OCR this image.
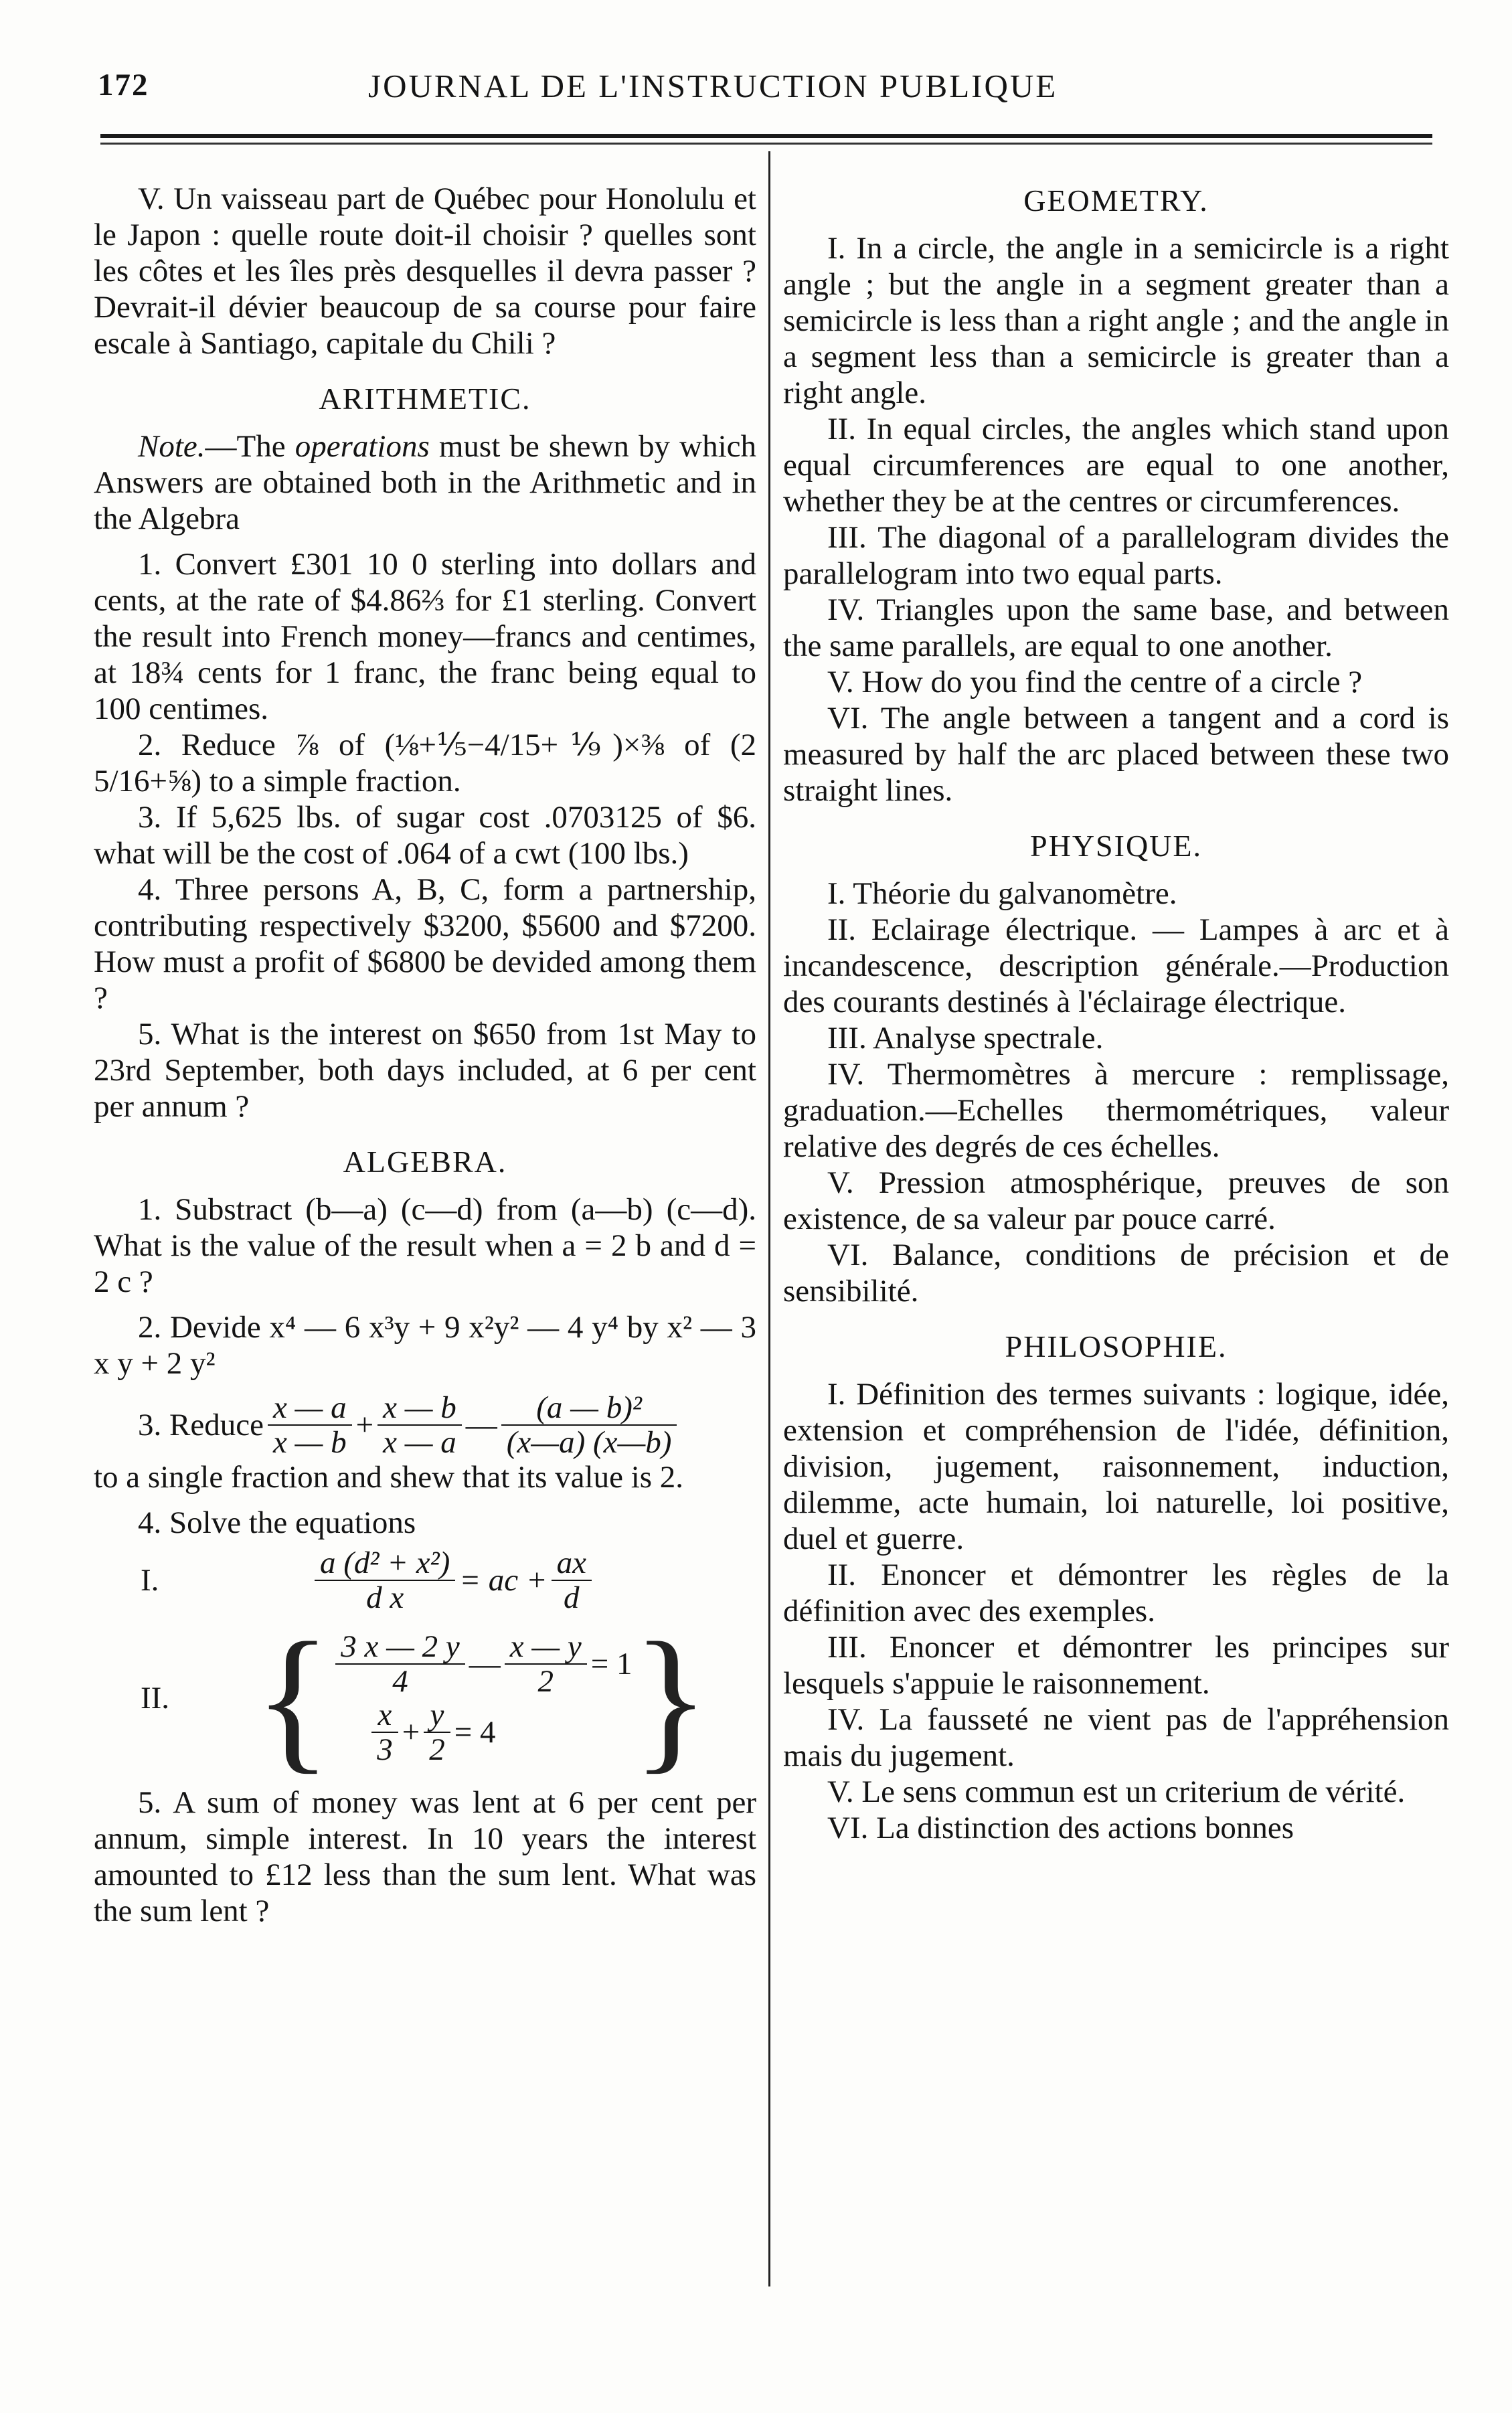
172	JOURNAL DE L'INSTRUCTION PUBLIQUE

V. Un vaisseau part de Québec pour Honolulu et le Japon : quelle route doit-il choisir ? quelles sont les côtes et les îles près desquelles il devra passer ? Devrait-il dévier beaucoup de sa course pour faire escale à Santiago, capitale du Chili ?

ARITHMETIC.

Note.—The operations must be shewn by which Answers are obtained both in the Arithmetic and in the Algebra

1. Convert £301 10 0 sterling into dollars and cents, at the rate of $4.86⅔ for £1 sterling. Convert the result into French money—francs and centimes, at 18¾ cents for 1 franc, the franc being equal to 100 centimes.

2. Reduce ⅞ of (⅛+⅕−4/15+⅑)×⅜ of (2 5/16+⅝) to a simple fraction.

3. If 5,625 lbs. of sugar cost .0703125 of $6. what will be the cost of .064 of a cwt (100 lbs.)

4. Three persons A, B, C, form a partnership, contributing respectively $3200, $5600 and $7200. How must a profit of $6800 be devided among them ?

5. What is the interest on $650 from 1st May to 23rd September, both days included, at 6 per cent per annum ?

ALGEBRA.

1. Substract (b—a) (c—d) from (a—b) (c—d). What is the value of the result when a = 2 b and d = 2 c ?

2. Devide x⁴ — 6 x³y + 9 x²y² — 4 y⁴ by x² — 3 x y + 2 y²

3. Reduce $\frac{x — a}{x — b} + \frac{x — b}{x — a}$ — $\frac{\text{(a — b)²}}{(x—a) (x—b)}$

to a single fraction and shew that its value is 2.

4. Solve the equations

I.	$\frac{\text{a (d² + x²)}}{\text{d x}}$ = ac + $\frac{ax}{d}$
II. { $\frac{3 x — 2 y}{4}$ — $\frac{x — y}{2} = 1$
$\frac{x}{3} + \frac{y}{2} = 4$ }

5. A sum of money was lent at 6 per cent per annum, simple interest. In 10 years the interest amounted to £12 less than the sum lent. What was the sum lent ?

GEOMETRY.

I. In a circle, the angle in a semicircle is a right angle ; but the angle in a segment greater than a semicircle is less than a right angle ; and the angle in a segment less than a semicircle is greater than a right angle.

II. In equal circles, the angles which stand upon equal circumferences are equal to one another, whether they be at the centres or circumferences.

III. The diagonal of a parallelogram divides the parallelogram into two equal parts.

IV. Triangles upon the same base, and between the same parallels, are equal to one another.

V. How do you find the centre of a circle ?

VI. The angle between a tangent and a cord is measured by half the arc placed between these two straight lines.

PHYSIQUE.

I. Théorie du galvanomètre.

II. Eclairage électrique. — Lampes à arc et à incandescence, description générale.—Production des courants destinés à l'éclairage électrique.

III. Analyse spectrale.

IV. Thermomètres à mercure : remplissage, graduation.—Echelles thermométriques, valeur relative des degrés de ces échelles.

V. Pression atmosphérique, preuves de son existence, de sa valeur par pouce carré.

VI. Balance, conditions de précision et de sensibilité.

PHILOSOPHIE.

I. Définition des termes suivants : logique, idée, extension et compréhension de l'idée, définition, division, jugement, raisonnement, induction, dilemme, acte humain, loi naturelle, loi positive, duel et guerre.

II. Enoncer et démontrer les règles de la définition avec des exemples.

III. Enoncer et démontrer les principes sur lesquels s'appuie le raisonnement.

IV. La fausseté ne vient pas de l'appréhension mais du jugement.

V. Le sens commun est un criterium de vérité.

VI. La distinction des actions bonnes
